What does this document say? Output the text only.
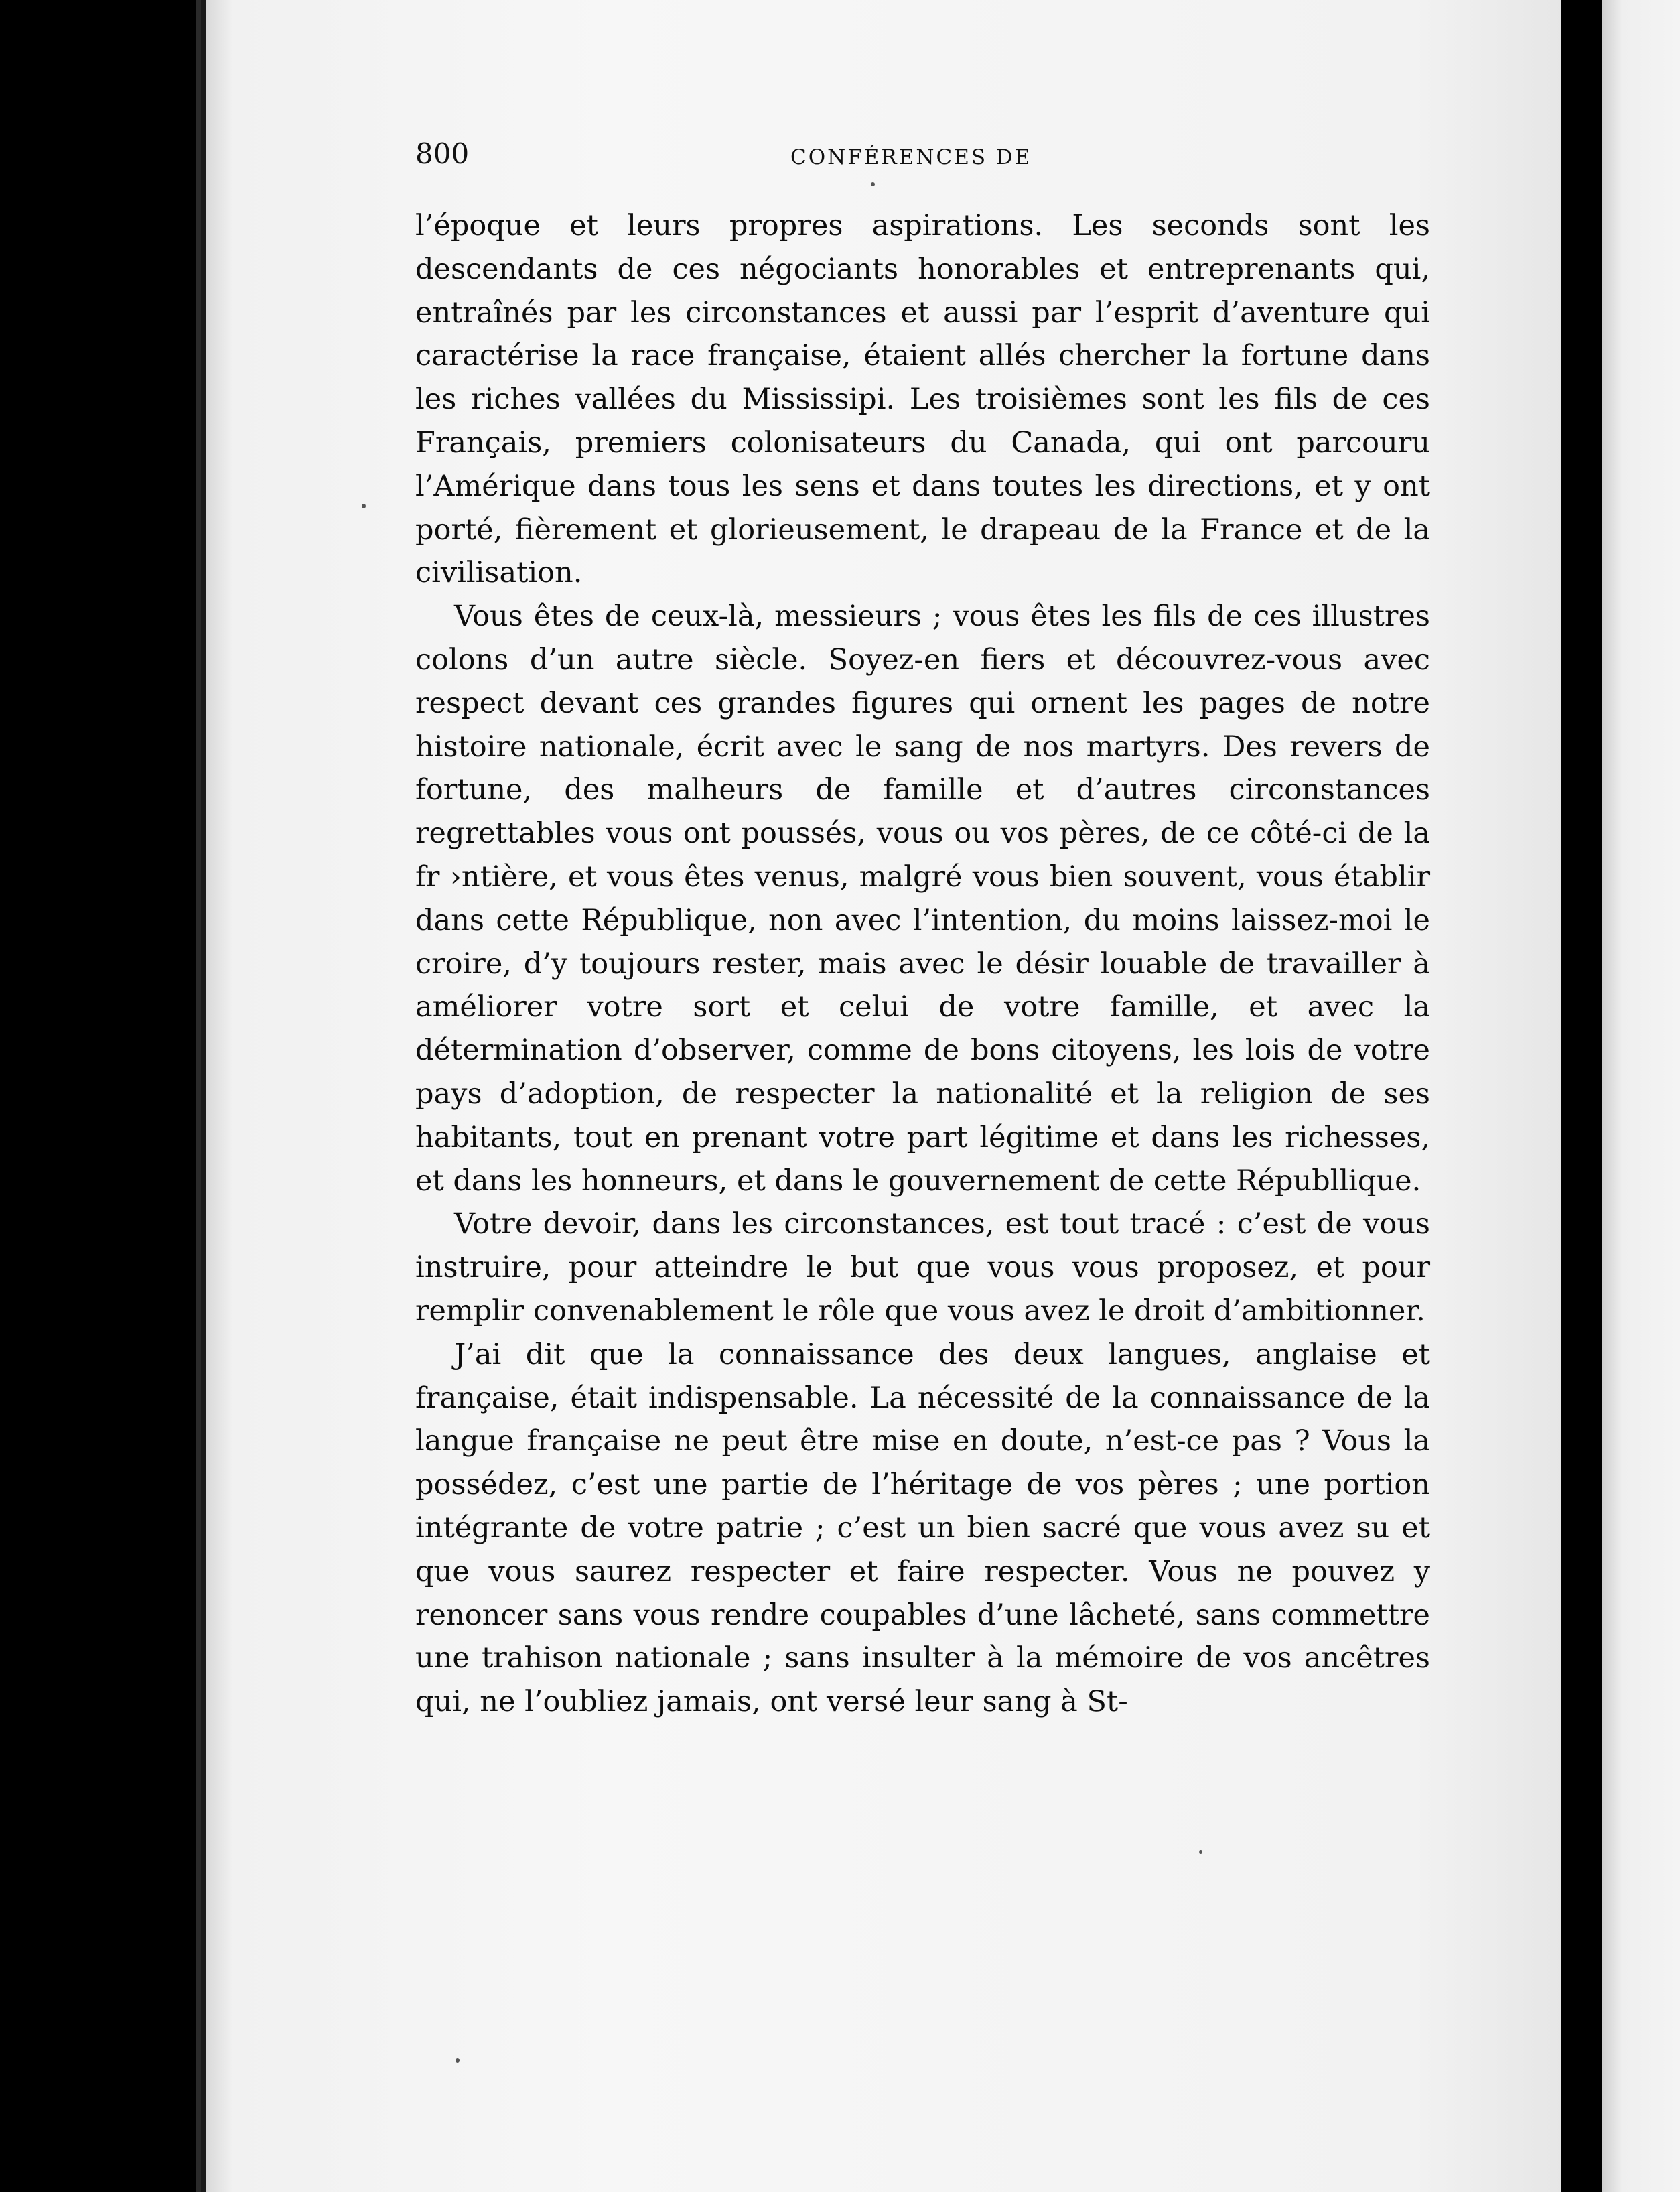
800	CONFÉRENCES DE

l’époque et leurs propres aspirations. Les seconds sont les descendants de ces négociants honorables et entreprenants qui, entraînés par les circonstances et aussi par l’esprit d’aventure qui caractérise la race française, étaient allés chercher la fortune dans les riches vallées du Mississipi. Les troisièmes sont les fils de ces Français, premiers colonisateurs du Canada, qui ont parcouru l’Amérique dans tous les sens et dans toutes les directions, et y ont porté, fièrement et glorieusement, le drapeau de la France et de la civilisation.

Vous êtes de ceux-là, messieurs ; vous êtes les fils de ces illustres colons d’un autre siècle. Soyez-en fiers et découvrez-vous avec respect devant ces grandes figures qui ornent les pages de notre histoire nationale, écrit avec le sang de nos martyrs. Des revers de fortune, des malheurs de famille et d’autres circonstances regrettables vous ont poussés, vous ou vos pères, de ce côté-ci de la fr ›ntière, et vous êtes venus, malgré vous bien souvent, vous établir dans cette République, non avec l’intention, du moins laissez-moi le croire, d’y toujours rester, mais avec le désir louable de travailler à améliorer votre sort et celui de votre famille, et avec la détermination d’observer, comme de bons citoyens, les lois de votre pays d’adoption, de respecter la nationalité et la religion de ses habitants, tout en prenant votre part légitime et dans les richesses, et dans les honneurs, et dans le gouvernement de cette Républlique.

Votre devoir, dans les circonstances, est tout tracé : c’est de vous instruire, pour atteindre le but que vous vous proposez, et pour remplir convenablement le rôle que vous avez le droit d’ambitionner.

J’ai dit que la connaissance des deux langues, anglaise et française, était indispensable. La nécessité de la connaissance de la langue française ne peut être mise en doute, n’est-ce pas ? Vous la possédez, c’est une partie de l’héritage de vos pères ; une portion intégrante de votre patrie ; c’est un bien sacré que vous avez su et que vous saurez respecter et faire respecter. Vous ne pouvez y renoncer sans vous rendre coupables d’une lâcheté, sans commettre une trahison nationale ; sans insulter à la mémoire de vos ancêtres qui, ne l’oubliez jamais, ont versé leur sang à St-
